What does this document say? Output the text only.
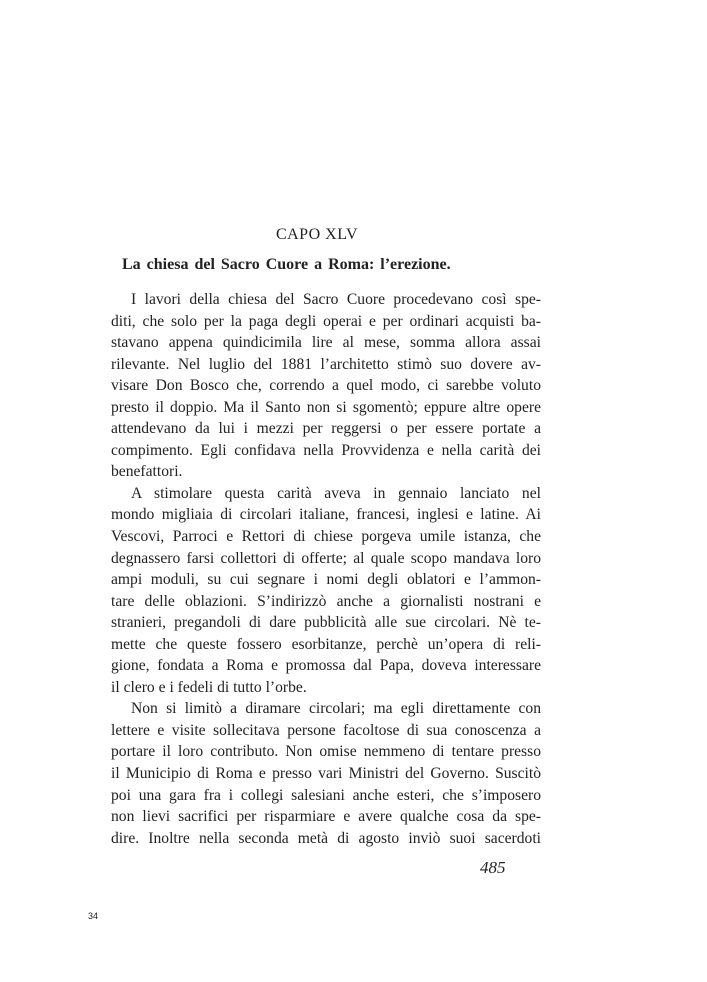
CAPO XLV
La chiesa del Sacro Cuore a Roma: l’erezione.
I lavori della chiesa del Sacro Cuore procedevano così spe-
diti, che solo per la paga degli operai e per ordinari acquisti ba-
stavano appena quindicimila lire al mese, somma allora assai
rilevante. Nel luglio del 1881 l’architetto stimò suo dovere av-
visare Don Bosco che, correndo a quel modo, ci sarebbe voluto
presto il doppio. Ma il Santo non si sgomentò; eppure altre opere
attendevano da lui i mezzi per reggersi o per essere portate a
compimento. Egli confidava nella Provvidenza e nella carità dei
benefattori.
A stimolare questa carità aveva in gennaio lanciato nel
mondo migliaia di circolari italiane, francesi, inglesi e latine. Ai
Vescovi, Parroci e Rettori di chiese porgeva umile istanza, che
degnassero farsi collettori di offerte; al quale scopo mandava loro
ampi moduli, su cui segnare i nomi degli oblatori e l’ammon-
tare delle oblazioni. S’indirizzò anche a giornalisti nostrani e
stranieri, pregandoli di dare pubblicità alle sue circolari. Nè te-
mette che queste fossero esorbitanze, perchè un’opera di reli-
gione, fondata a Roma e promossa dal Papa, doveva interessare
il clero e i fedeli di tutto l’orbe.
Non si limitò a diramare circolari; ma egli direttamente con
lettere e visite sollecitava persone facoltose di sua conoscenza a
portare il loro contributo. Non omise nemmeno di tentare presso
il Municipio di Roma e presso vari Ministri del Governo. Suscitò
poi una gara fra i collegi salesiani anche esteri, che s’imposero
non lievi sacrifici per risparmiare e avere qualche cosa da spe-
dire. Inoltre nella seconda metà di agosto inviò suoi sacerdoti
485
34
